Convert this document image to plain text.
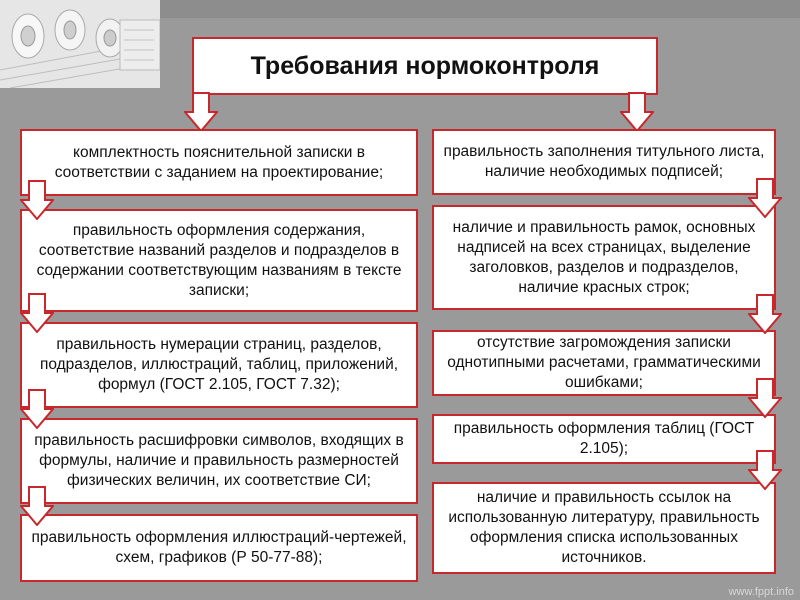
Требования нормоконтроля
комплектность пояснительной записки в соответствии с заданием на проектирование;
правильность оформления содержания, соответствие названий разделов и подразделов в содержании соответствующим названиям в тексте записки;
правильность нумерации страниц, разделов, подразделов, иллюстраций, таблиц, приложений, формул (ГОСТ 2.105, ГОСТ 7.32);
правильность расшифровки символов, входящих в формулы, наличие и правильность размерностей физических величин, их соответствие СИ;
правильность оформления иллюстраций-чертежей, схем, графиков (Р 50-77-88);
правильность заполнения титульного листа, наличие необходимых подписей;
наличие и правильность рамок, основных надписей на всех страницах, выделение заголовков, разделов и подразделов, наличие красных строк;
отсутствие загромождения записки однотипными расчетами, грамматическими ошибками;
правильность оформления таблиц (ГОСТ 2.105);
наличие и правильность ссылок на использованную литературу, правильность оформления списка использованных источников.
www.fppt.info
